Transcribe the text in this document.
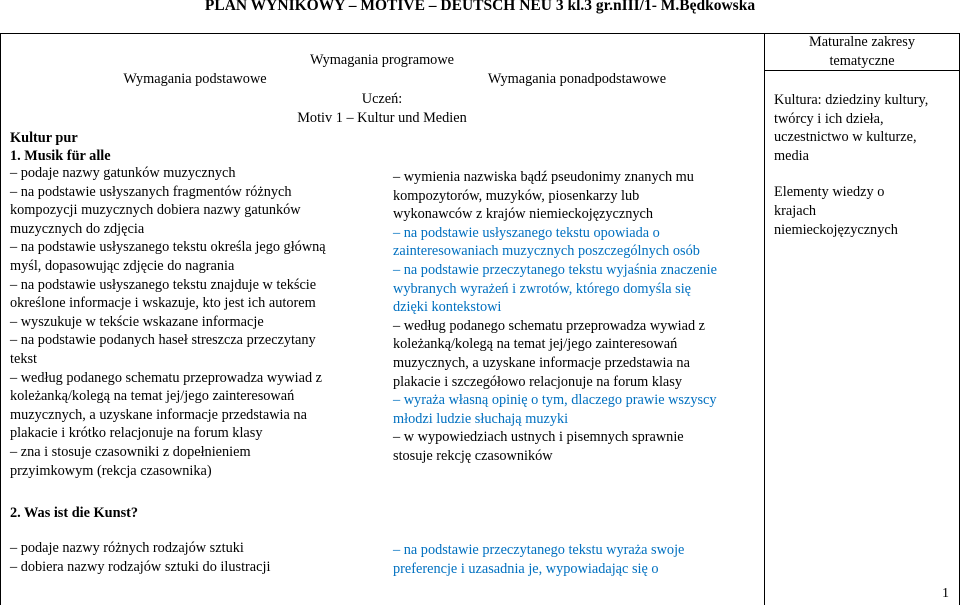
PLAN WYNIKOWY – MOTIVE – DEUTSCH NEU 3 kl.3 gr.nIII/1- M.Będkowska
Wymagania programowe
Wymagania podstawowe	Wymagania ponadpodstawowe
Uczeń:
Motiv 1 – Kultur und Medien
Maturalne zakresy
tematyczne
Kultur pur
1. Musik für alle
2. Was ist die Kunst?
– podaje nazwy gatunków muzycznych
– na podstawie usłyszanych fragmentów różnych
kompozycji muzycznych dobiera nazwy gatunków
muzycznych do zdjęcia
– na podstawie usłyszanego tekstu określa jego główną
myśl, dopasowując zdjęcie do nagrania
– na podstawie usłyszanego tekstu znajduje w tekście
określone informacje i wskazuje, kto jest ich autorem
– wyszukuje w tekście wskazane informacje
– na podstawie podanych haseł streszcza przeczytany
tekst
– według podanego schematu przeprowadza wywiad z
koleżanką/kolegą na temat jej/jego zainteresowań
muzycznych, a uzyskane informacje przedstawia na
plakacie i krótko relacjonuje na forum klasy
– zna i stosuje czasowniki z dopełnieniem
przyimkowym (rekcja czasownika)
– wymienia nazwiska bądź pseudonimy znanych mu
kompozytorów, muzyków, piosenkarzy lub
wykonawców z krajów niemieckojęzycznych
– na podstawie usłyszanego tekstu opowiada o
zainteresowaniach muzycznych poszczególnych osób
– na podstawie przeczytanego tekstu wyjaśnia znaczenie
wybranych wyrażeń i zwrotów, którego domyśla się
dzięki kontekstowi
– według podanego schematu przeprowadza wywiad z
koleżanką/kolegą na temat jej/jego zainteresowań
muzycznych, a uzyskane informacje przedstawia na
plakacie i szczegółowo relacjonuje na forum klasy
– wyraża własną opinię o tym, dlaczego prawie wszyscy
młodzi ludzie słuchają muzyki
– w wypowiedziach ustnych i pisemnych sprawnie
stosuje rekcję czasowników
Kultura: dziedziny kultury,
twórcy i ich dzieła,
uczestnictwo w kulturze,
media
Elementy wiedzy o
krajach
niemieckojęzycznych
– podaje nazwy różnych rodzajów sztuki
– dobiera nazwy rodzajów sztuki do ilustracji
– na podstawie przeczytanego tekstu wyraża swoje
preferencje i uzasadnia je, wypowiadając się o
1
